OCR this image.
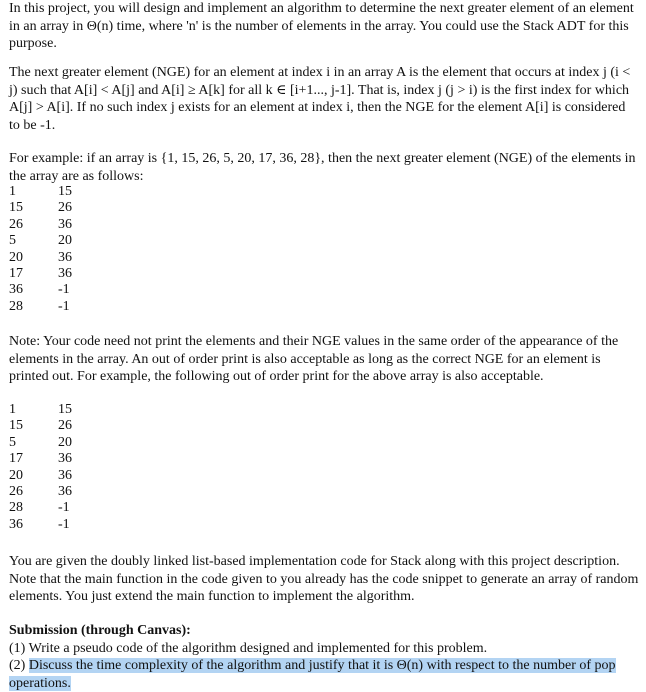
In this project, you will design and implement an algorithm to determine the next greater element of an element in an array in Θ(n) time, where 'n' is the number of elements in the array. You could use the Stack ADT for this purpose.

The next greater element (NGE) for an element at index i in an array A is the element that occurs at index j (i < j) such that A[i] < A[j] and A[i] ≥ A[k] for all k ∈ [i+1..., j-1]. That is, index j (j > i) is the first index for which A[j] > A[i]. If no such index j exists for an element at index i, then the NGE for the element A[i] is considered to be -1.

For example: if an array is {1, 15, 26, 5, 20, 17, 36, 28}, then the next greater element (NGE) of the elements in the array are as follows:

1	15
15	26
26	36
5	20
20	36
17	36
36	-1
28	-1

Note: Your code need not print the elements and their NGE values in the same order of the appearance of the elements in the array. An out of order print is also acceptable as long as the correct NGE for an element is printed out. For example, the following out of order print for the above array is also acceptable.

1	15
15	26
5	20
17	36
20	36
26	36
28	-1
36	-1

You are given the doubly linked list-based implementation code for Stack along with this project description. Note that the main function in the code given to you already has the code snippet to generate an array of random elements. You just extend the main function to implement the algorithm.

Submission (through Canvas):

(1) Write a pseudo code of the algorithm designed and implemented for this problem.

(2) Discuss the time complexity of the algorithm and justify that it is Θ(n) with respect to the number of pop operations.
